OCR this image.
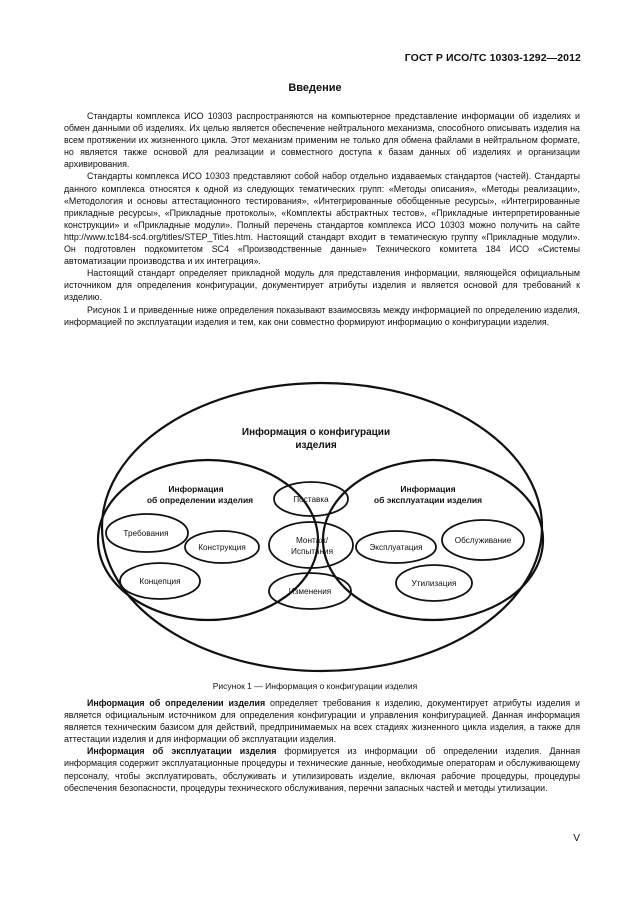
ГОСТ Р ИСО/ТС 10303-1292—2012
Введение

Стандарты комплекса ИСО 10303 распространяются на компьютерное представление информации об изделиях и обмен данными об изделиях. Их целью является обеспечение нейтрального механизма, способного описывать изделия на всем протяжении их жизненного цикла. Этот механизм применим не только для обмена файлами в нейтральном формате, но является также основой для реализации и совместного доступа к базам данных об изделиях и организации архивирования.

Стандарты комплекса ИСО 10303 представляют собой набор отдельно издаваемых стандартов (частей). Стандарты данного комплекса относятся к одной из следующих тематических групп: «Методы описания», «Методы реализации», «Методология и основы аттестационного тестирования», «Интегрированные обобщенные ресурсы», «Интегрированные прикладные ресурсы», «Прикладные протоколы», «Комплекты абстрактных тестов», «Прикладные интерпретированные конструкции» и «Прикладные модули». Полный перечень стандартов комплекса ИСО 10303 можно получить на сайте http://www.tc184-sc4.org/titles/STEP_Titles.htm. Настоящий стандарт входит в тематическую группу «Прикладные модули». Он подготовлен подкомитетом SC4 «Производственные данные» Технического комитета 184 ИСО «Системы автоматизации производства и их интеграция».

Настоящий стандарт определяет прикладной модуль для представления информации, являющейся официальным источником для определения конфигурации, документирует атрибуты изделия и является основой для требований к изделию.

Рисунок 1 и приведенные ниже определения показывают взаимосвязь между информацией по определению изделия, информацией по эксплуатации изделия и тем, как они совместно формируют информацию о конфигурации изделия.

Информация о конфигурации
изделия
Информация
об определении изделия
Информация
об эксплуатации изделия
Требования
Конструкция
Концепция
Поставка
Монтаж/
Испытания
Изменения
Эксплуатация
Обслуживание
Утилизация
Рисунок 1 — Информация о конфигурации изделия

Информация об определении изделия определяет требования к изделию, документирует атрибуты изделия и является официальным источником для определения конфигурации и управления конфигурацией. Данная информация является техническим базисом для действий, предпринимаемых на всех стадиях жизненного цикла изделия, а также для аттестации изделия и для информации об эксплуатации изделия.

Информация об эксплуатации изделия формируется из информации об определении изделия. Данная информация содержит эксплуатационные процедуры и технические данные, необходимые операторам и обслуживающему персоналу, чтобы эксплуатировать, обслуживать и утилизировать изделие, включая рабочие процедуры, процедуры обеспечения безопасности, процедуры технического обслуживания, перечни запасных частей и методы утилизации.

V
